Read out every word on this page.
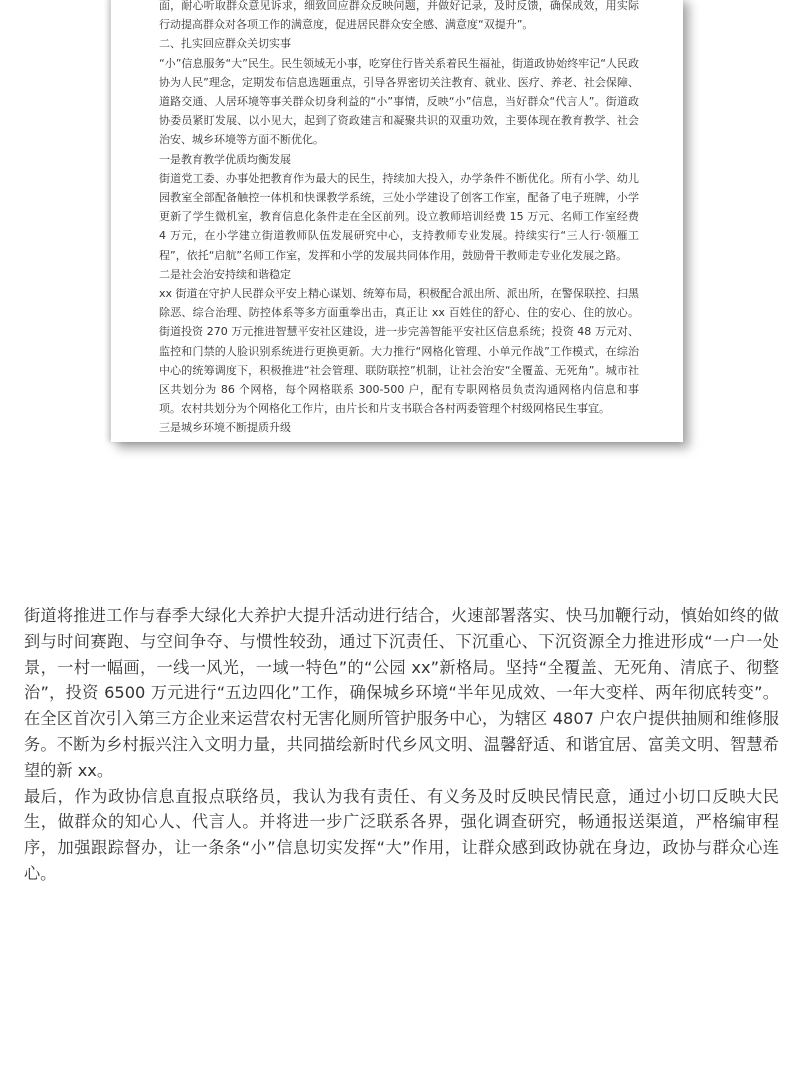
面，耐心听取群众意见诉求，细致回应群众反映问题，并做好记录，及时反馈，确保成效，用实际行动提高群众对各项工作的满意度，促进居民群众安全感、满意度“双提升”。

二、扎实回应群众关切实事

“小”信息服务“大”民生。民生领域无小事，吃穿住行皆关系着民生福祉，街道政协始终牢记“人民政协为人民”理念，定期发布信息选题重点，引导各界密切关注教育、就业、医疗、养老、社会保障、道路交通、人居环境等事关群众切身利益的“小”事情，反映“小”信息，当好群众“代言人”。街道政协委员紧盯发展、以小见大，起到了资政建言和凝聚共识的双重功效，主要体现在教育教学、社会治安、城乡环境等方面不断优化。

一是教育教学优质均衡发展

街道党工委、办事处把教育作为最大的民生，持续加大投入，办学条件不断优化。所有小学、幼儿园教室全部配备触控一体机和快课教学系统，三处小学建设了创客工作室，配备了电子班牌，小学更新了学生微机室，教育信息化条件走在全区前列。设立教师培训经费 15 万元、名师工作室经费 4 万元，在小学建立街道教师队伍发展研究中心，支持教师专业发展。持续实行“三人行·领雁工程”，依托“启航”名师工作室，发挥和小学的发展共同体作用，鼓励骨干教师走专业化发展之路。

二是社会治安持续和谐稳定

xx 街道在守护人民群众平安上精心谋划、统筹布局，积极配合派出所、派出所，在警保联控、扫黑除恶、综合治理、防控体系等多方面重拳出击，真正让 xx 百姓住的舒心、住的安心、住的放心。街道投资 270 万元推进智慧平安社区建设，进一步完善智能平安社区信息系统；投资 48 万元对、监控和门禁的人脸识别系统进行更换更新。大力推行“网格化管理、小单元作战”工作模式，在综治中心的统筹调度下，积极推进“社会管理、联防联控”机制，让社会治安“全覆盖、无死角”。城市社区共划分为 86 个网格，每个网格联系 300-500 户，配有专职网格员负责沟通网格内信息和事项。农村共划分为个网格化工作片，由片长和片支书联合各村两委管理个村级网格民生事宜。

三是城乡环境不断提质升级

街道将推进工作与春季大绿化大养护大提升活动进行结合，火速部署落实、快马加鞭行动，慎始如终的做到与时间赛跑、与空间争夺、与惯性较劲，通过下沉责任、下沉重心、下沉资源全力推进形成“一户一处景，一村一幅画，一线一风光，一域一特色”的“公园 xx”新格局。坚持“全覆盖、无死角、清底子、彻整治”，投资 6500 万元进行“五边四化”工作，确保城乡环境“半年见成效、一年大变样、两年彻底转变”。在全区首次引入第三方企业来运营农村无害化厕所管护服务中心，为辖区 4807 户农户提供抽厕和维修服务。不断为乡村振兴注入文明力量，共同描绘新时代乡风文明、温馨舒适、和谐宜居、富美文明、智慧希望的新 xx。

最后，作为政协信息直报点联络员，我认为我有责任、有义务及时反映民情民意，通过小切口反映大民生，做群众的知心人、代言人。并将进一步广泛联系各界，强化调查研究，畅通报送渠道，严格编审程序，加强跟踪督办，让一条条“小”信息切实发挥“大”作用，让群众感到政协就在身边，政协与群众心连心。
